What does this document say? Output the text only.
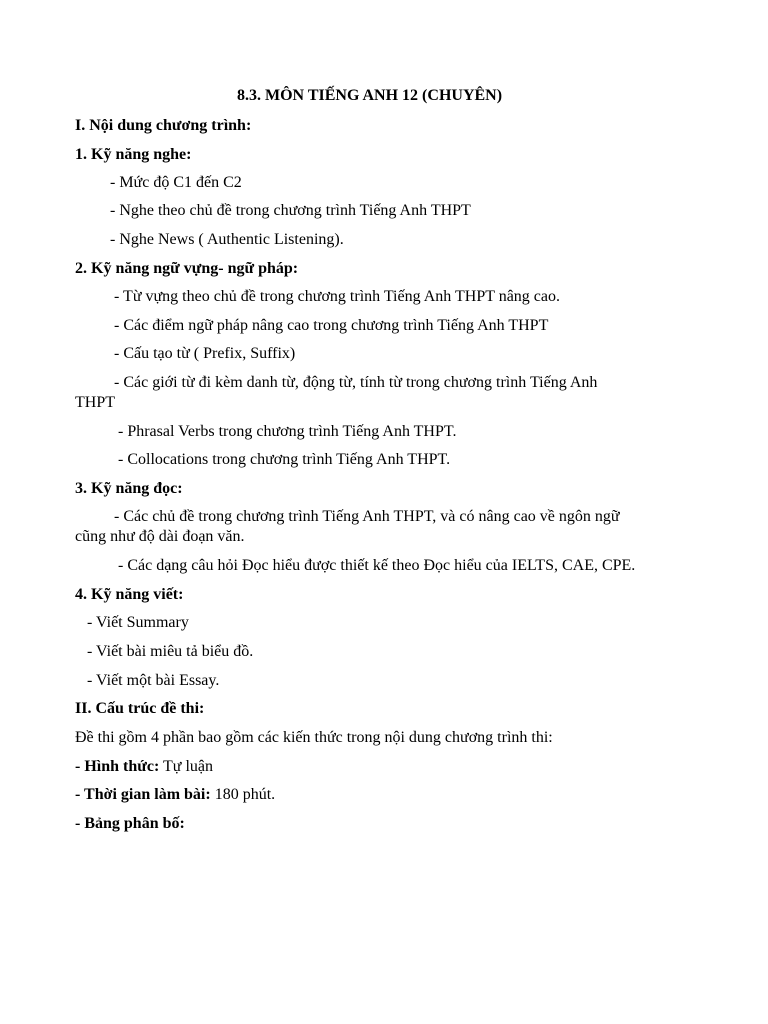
8.3. MÔN TIẾNG ANH 12 (CHUYÊN)
I. Nội dung chương trình:
1. Kỹ năng nghe:
- Mức độ C1 đến C2
- Nghe theo chủ đề trong chương trình Tiếng Anh THPT
- Nghe News ( Authentic Listening).
2. Kỹ năng ngữ vựng- ngữ pháp:
- Từ vựng theo chủ đề trong chương trình Tiếng Anh THPT nâng cao.
- Các điểm ngữ pháp nâng cao trong chương trình Tiếng Anh THPT
- Cấu tạo từ ( Prefix, Suffix)
- Các giới từ đi kèm danh từ, động từ, tính từ trong chương trình Tiếng Anh
THPT
- Phrasal Verbs trong chương trình Tiếng Anh THPT.
- Collocations trong chương trình Tiếng Anh THPT.
3. Kỹ năng đọc:
- Các chủ đề trong chương trình Tiếng Anh THPT, và có nâng cao về ngôn ngữ
cũng như độ dài đoạn văn.
- Các dạng câu hỏi Đọc hiểu được thiết kế theo Đọc hiểu của IELTS, CAE, CPE.
4. Kỹ năng viết:
- Viết Summary
- Viết bài miêu tả biểu đồ.
- Viết một bài Essay.
II. Cấu trúc đề thi:
Đề thi gồm 4 phần bao gồm các kiến thức trong nội dung chương trình thi:
- Hình thức: Tự luận
- Thời gian làm bài: 180 phút.
- Bảng phân bố:
